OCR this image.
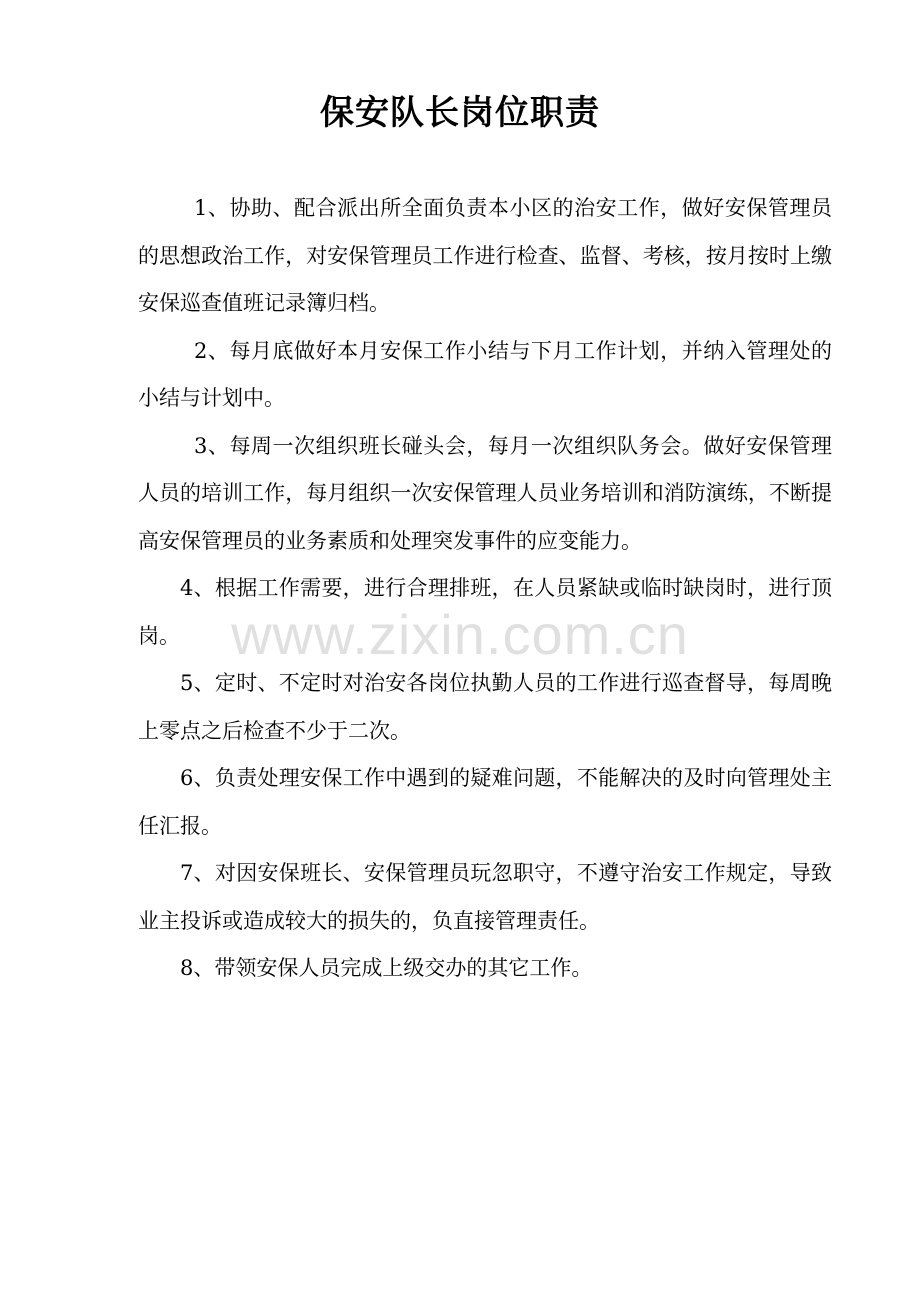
保安队长岗位职责

1、协助、配合派出所全面负责本小区的治安工作，做好安保管理员的思想政治工作，对安保管理员工作进行检查、监督、考核，按月按时上缴安保巡查值班记录簿归档。

2、每月底做好本月安保工作小结与下月工作计划，并纳入管理处的小结与计划中。

3、每周一次组织班长碰头会，每月一次组织队务会。做好安保管理人员的培训工作，每月组织一次安保管理人员业务培训和消防演练，不断提高安保管理员的业务素质和处理突发事件的应变能力。

4、根据工作需要，进行合理排班，在人员紧缺或临时缺岗时，进行顶岗。

5、定时、不定时对治安各岗位执勤人员的工作进行巡查督导，每周晚上零点之后检查不少于二次。

6、负责处理安保工作中遇到的疑难问题，不能解决的及时向管理处主任汇报。

7、对因安保班长、安保管理员玩忽职守，不遵守治安工作规定，导致业主投诉或造成较大的损失的，负直接管理责任。

8、带领安保人员完成上级交办的其它工作。

www.zixin.com.cn
